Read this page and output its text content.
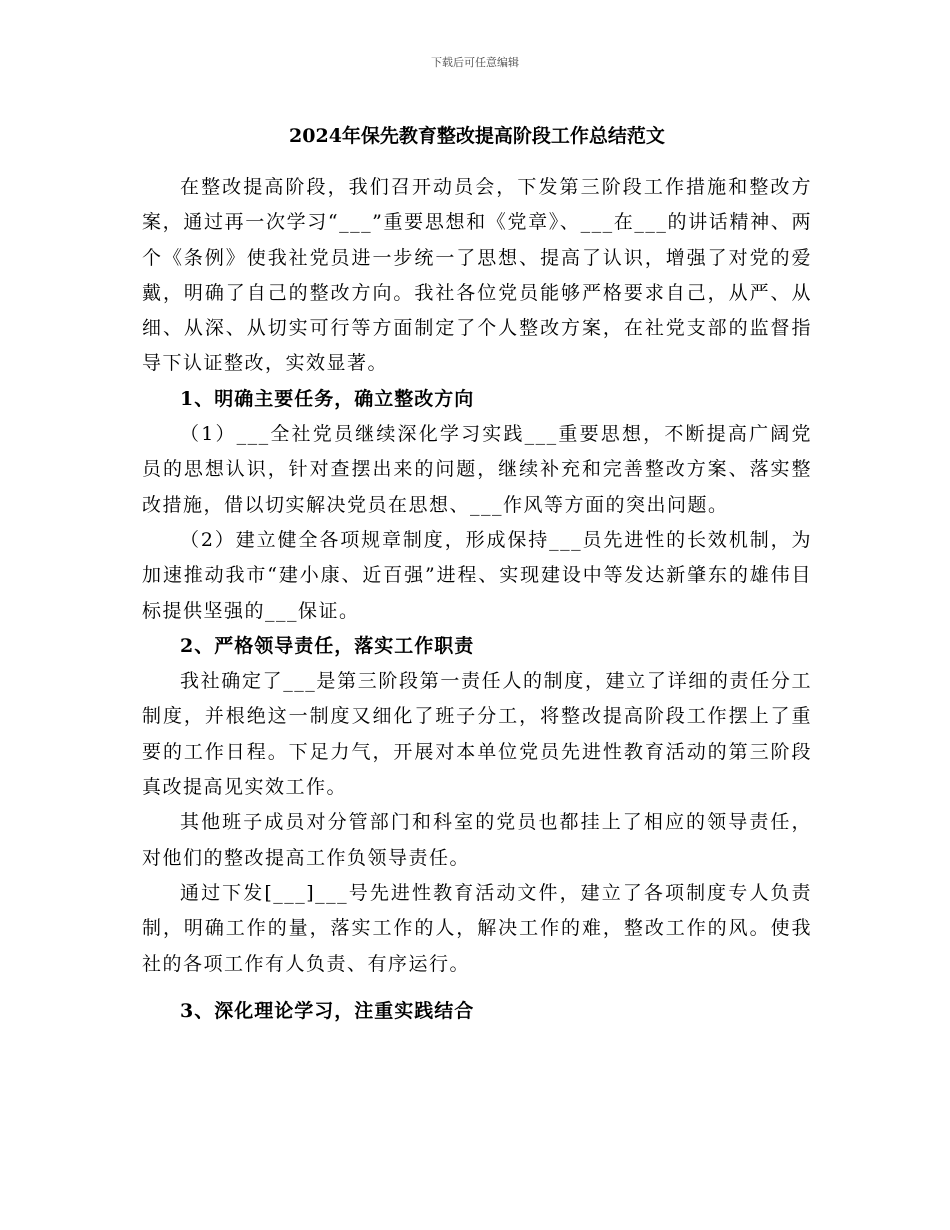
下载后可任意编辑
2024年保先教育整改提高阶段工作总结范文

在整改提高阶段，我们召开动员会，下发第三阶段工作措施和整改方案，通过再一次学习“___”重要思想和《党章》、___在___的讲话精神、两个《条例》使我社党员进一步统一了思想、提高了认识，增强了对党的爱戴，明确了自己的整改方向。我社各位党员能够严格要求自己，从严、从细、从深、从切实可行等方面制定了个人整改方案，在社党支部的监督指导下认证整改，实效显著。

1、明确主要任务，确立整改方向

（1）___全社党员继续深化学习实践___重要思想，不断提高广阔党员的思想认识，针对查摆出来的问题，继续补充和完善整改方案、落实整改措施，借以切实解决党员在思想、___作风等方面的突出问题。

（2）建立健全各项规章制度，形成保持___员先进性的长效机制，为加速推动我市“建小康、近百强”进程、实现建设中等发达新肇东的雄伟目标提供坚强的___保证。

2、严格领导责任，落实工作职责

我社确定了___是第三阶段第一责任人的制度，建立了详细的责任分工制度，并根绝这一制度又细化了班子分工，将整改提高阶段工作摆上了重要的工作日程。下足力气，开展对本单位党员先进性教育活动的第三阶段真改提高见实效工作。

其他班子成员对分管部门和科室的党员也都挂上了相应的领导责任，对他们的整改提高工作负领导责任。

通过下发[___]___号先进性教育活动文件，建立了各项制度专人负责制，明确工作的量，落实工作的人，解决工作的难，整改工作的风。使我社的各项工作有人负责、有序运行。

3、深化理论学习，注重实践结合
